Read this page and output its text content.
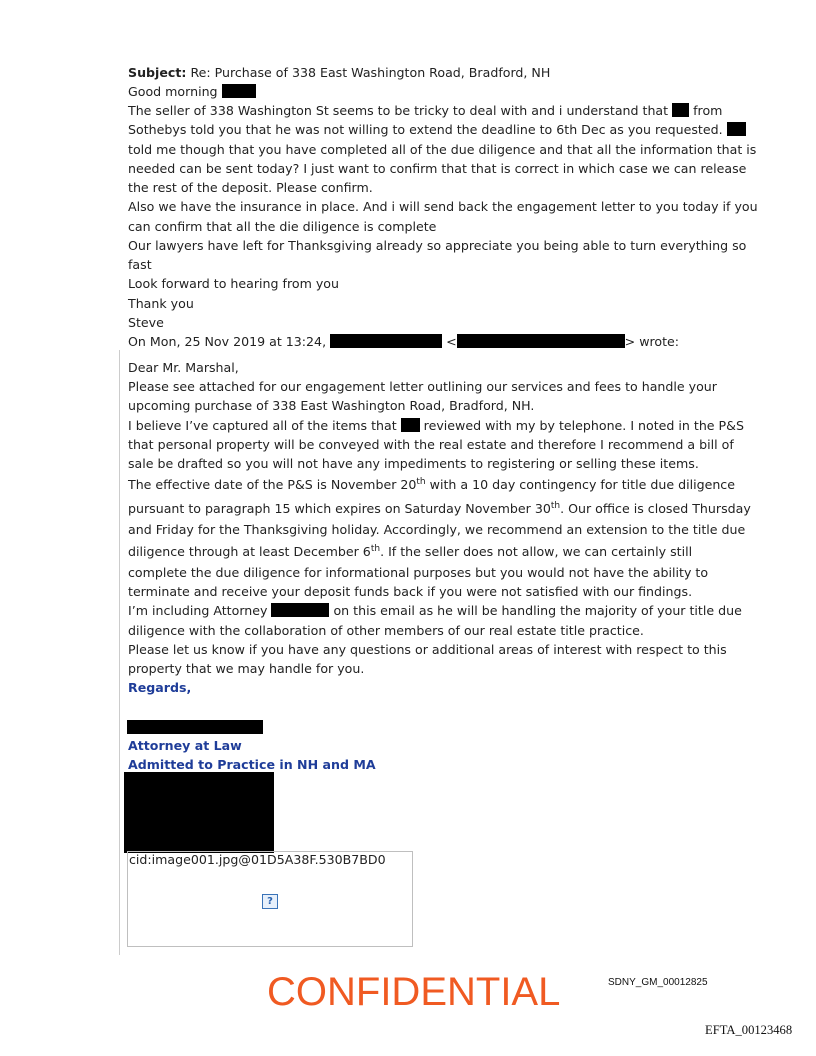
Subject: Re: Purchase of 338 East Washington Road, Bradford, NH
Good morning
The seller of 338 Washington St seems to be tricky to deal with and i understand that  from
Sothebys told you that he was not willing to extend the deadline to 6th Dec as you requested.
told me though that you have completed all of the due diligence and that all the information that is
needed can be sent today? I just want to confirm that that is correct in which case we can release
the rest of the deposit. Please confirm.
Also we have the insurance in place. And i will send back the engagement letter to you today if you
can confirm that all the die diligence is complete
Our lawyers have left for Thanksgiving already so appreciate you being able to turn everything so
fast
Look forward to hearing from you
Thank you
Steve
On Mon, 25 Nov 2019 at 13:24,	<	> wrote:
Dear Mr. Marshal,
Please see attached for our engagement letter outlining our services and fees to handle your
upcoming purchase of 338 East Washington Road, Bradford, NH.
I believe I’ve captured all of the items that  reviewed with my by telephone. I noted in the P&S
that personal property will be conveyed with the real estate and therefore I recommend a bill of
sale be drafted so you will not have any impediments to registering or selling these items.
The effective date of the P&S is November 20th with a 10 day contingency for title due diligence
pursuant to paragraph 15 which expires on Saturday November 30th. Our office is closed Thursday
and Friday for the Thanksgiving holiday. Accordingly, we recommend an extension to the title due
diligence through at least December 6th. If the seller does not allow, we can certainly still
complete the due diligence for informational purposes but you would not have the ability to
terminate and receive your deposit funds back if you were not satisfied with our findings.
I’m including Attorney	on this email as he will be handling the majority of your title due
diligence with the collaboration of other members of our real estate title practice.
Please let us know if you have any questions or additional areas of interest with respect to this
property that we may handle for you.
Regards,
Attorney at Law
Admitted to Practice in NH and MA
cid:image001.jpg@01D5A38F.530B7BD0
?
CONFIDENTIAL	SDNY_GM_00012825
EFTA_00123468
